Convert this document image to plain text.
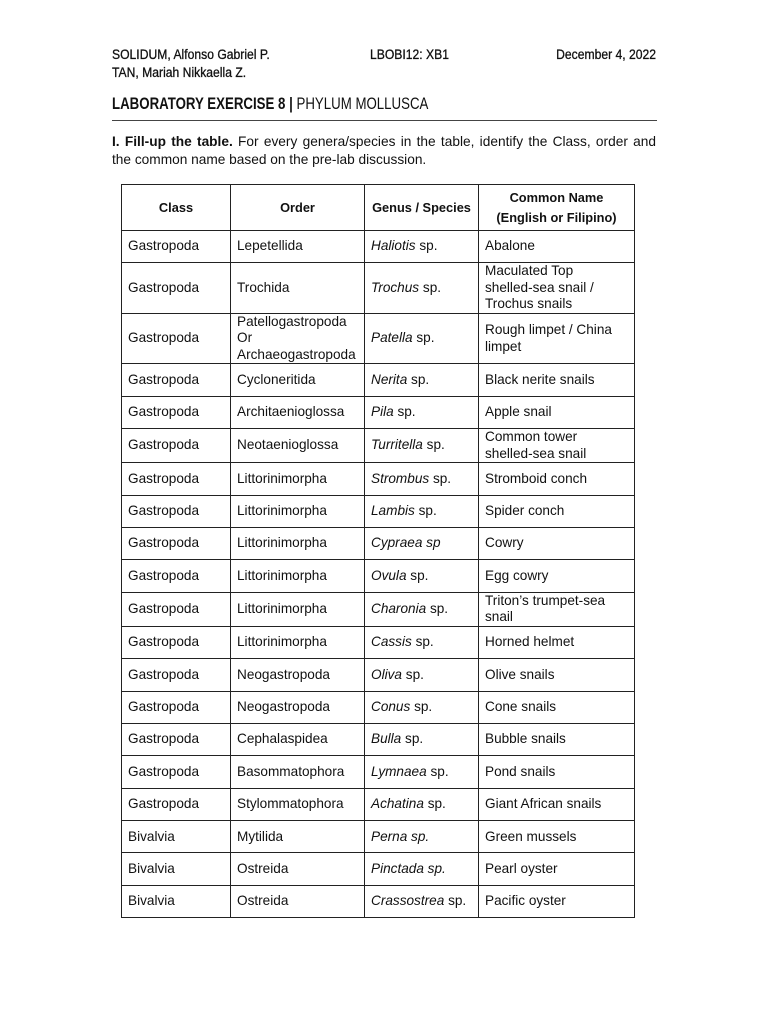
SOLIDUM, Alfonso Gabriel P.
TAN, Mariah Nikkaella Z.
LBOBI12: XB1	December 4, 2022
LABORATORY EXERCISE 8 | PHYLUM MOLLUSCA

I. Fill-up the table. For every genera/species in the table, identify the Class, order and the common name based on the pre-lab discussion.

Class	Order	Genus / Species	Common Name
(English or Filipino)
Gastropoda	Lepetellida	Haliotis sp.	Abalone
Gastropoda	Trochida	Trochus sp.	Maculated Top
shelled-sea snail /
Trochus snails
Gastropoda	Patellogastropoda
Or
Archaeogastropoda	Patella sp.	Rough limpet / China
limpet
Gastropoda	Cycloneritida	Nerita sp.	Black nerite snails
Gastropoda	Architaenioglossa	Pila sp.	Apple snail
Gastropoda	Neotaenioglossa	Turritella sp.	Common tower
shelled-sea snail
Gastropoda	Littorinimorpha	Strombus sp.	Stromboid conch
Gastropoda	Littorinimorpha	Lambis sp.	Spider conch
Gastropoda	Littorinimorpha	Cypraea sp	Cowry
Gastropoda	Littorinimorpha	Ovula sp.	Egg cowry
Gastropoda	Littorinimorpha	Charonia sp.	Triton’s trumpet-sea
snail
Gastropoda	Littorinimorpha	Cassis sp.	Horned helmet
Gastropoda	Neogastropoda	Oliva sp.	Olive snails
Gastropoda	Neogastropoda	Conus sp.	Cone snails
Gastropoda	Cephalaspidea	Bulla sp.	Bubble snails
Gastropoda	Basommatophora	Lymnaea sp.	Pond snails
Gastropoda	Stylommatophora	Achatina sp.	Giant African snails
Bivalvia	Mytilida	Perna sp.	Green mussels
Bivalvia	Ostreida	Pinctada sp.	Pearl oyster
Bivalvia	Ostreida	Crassostrea sp.	Pacific oyster
